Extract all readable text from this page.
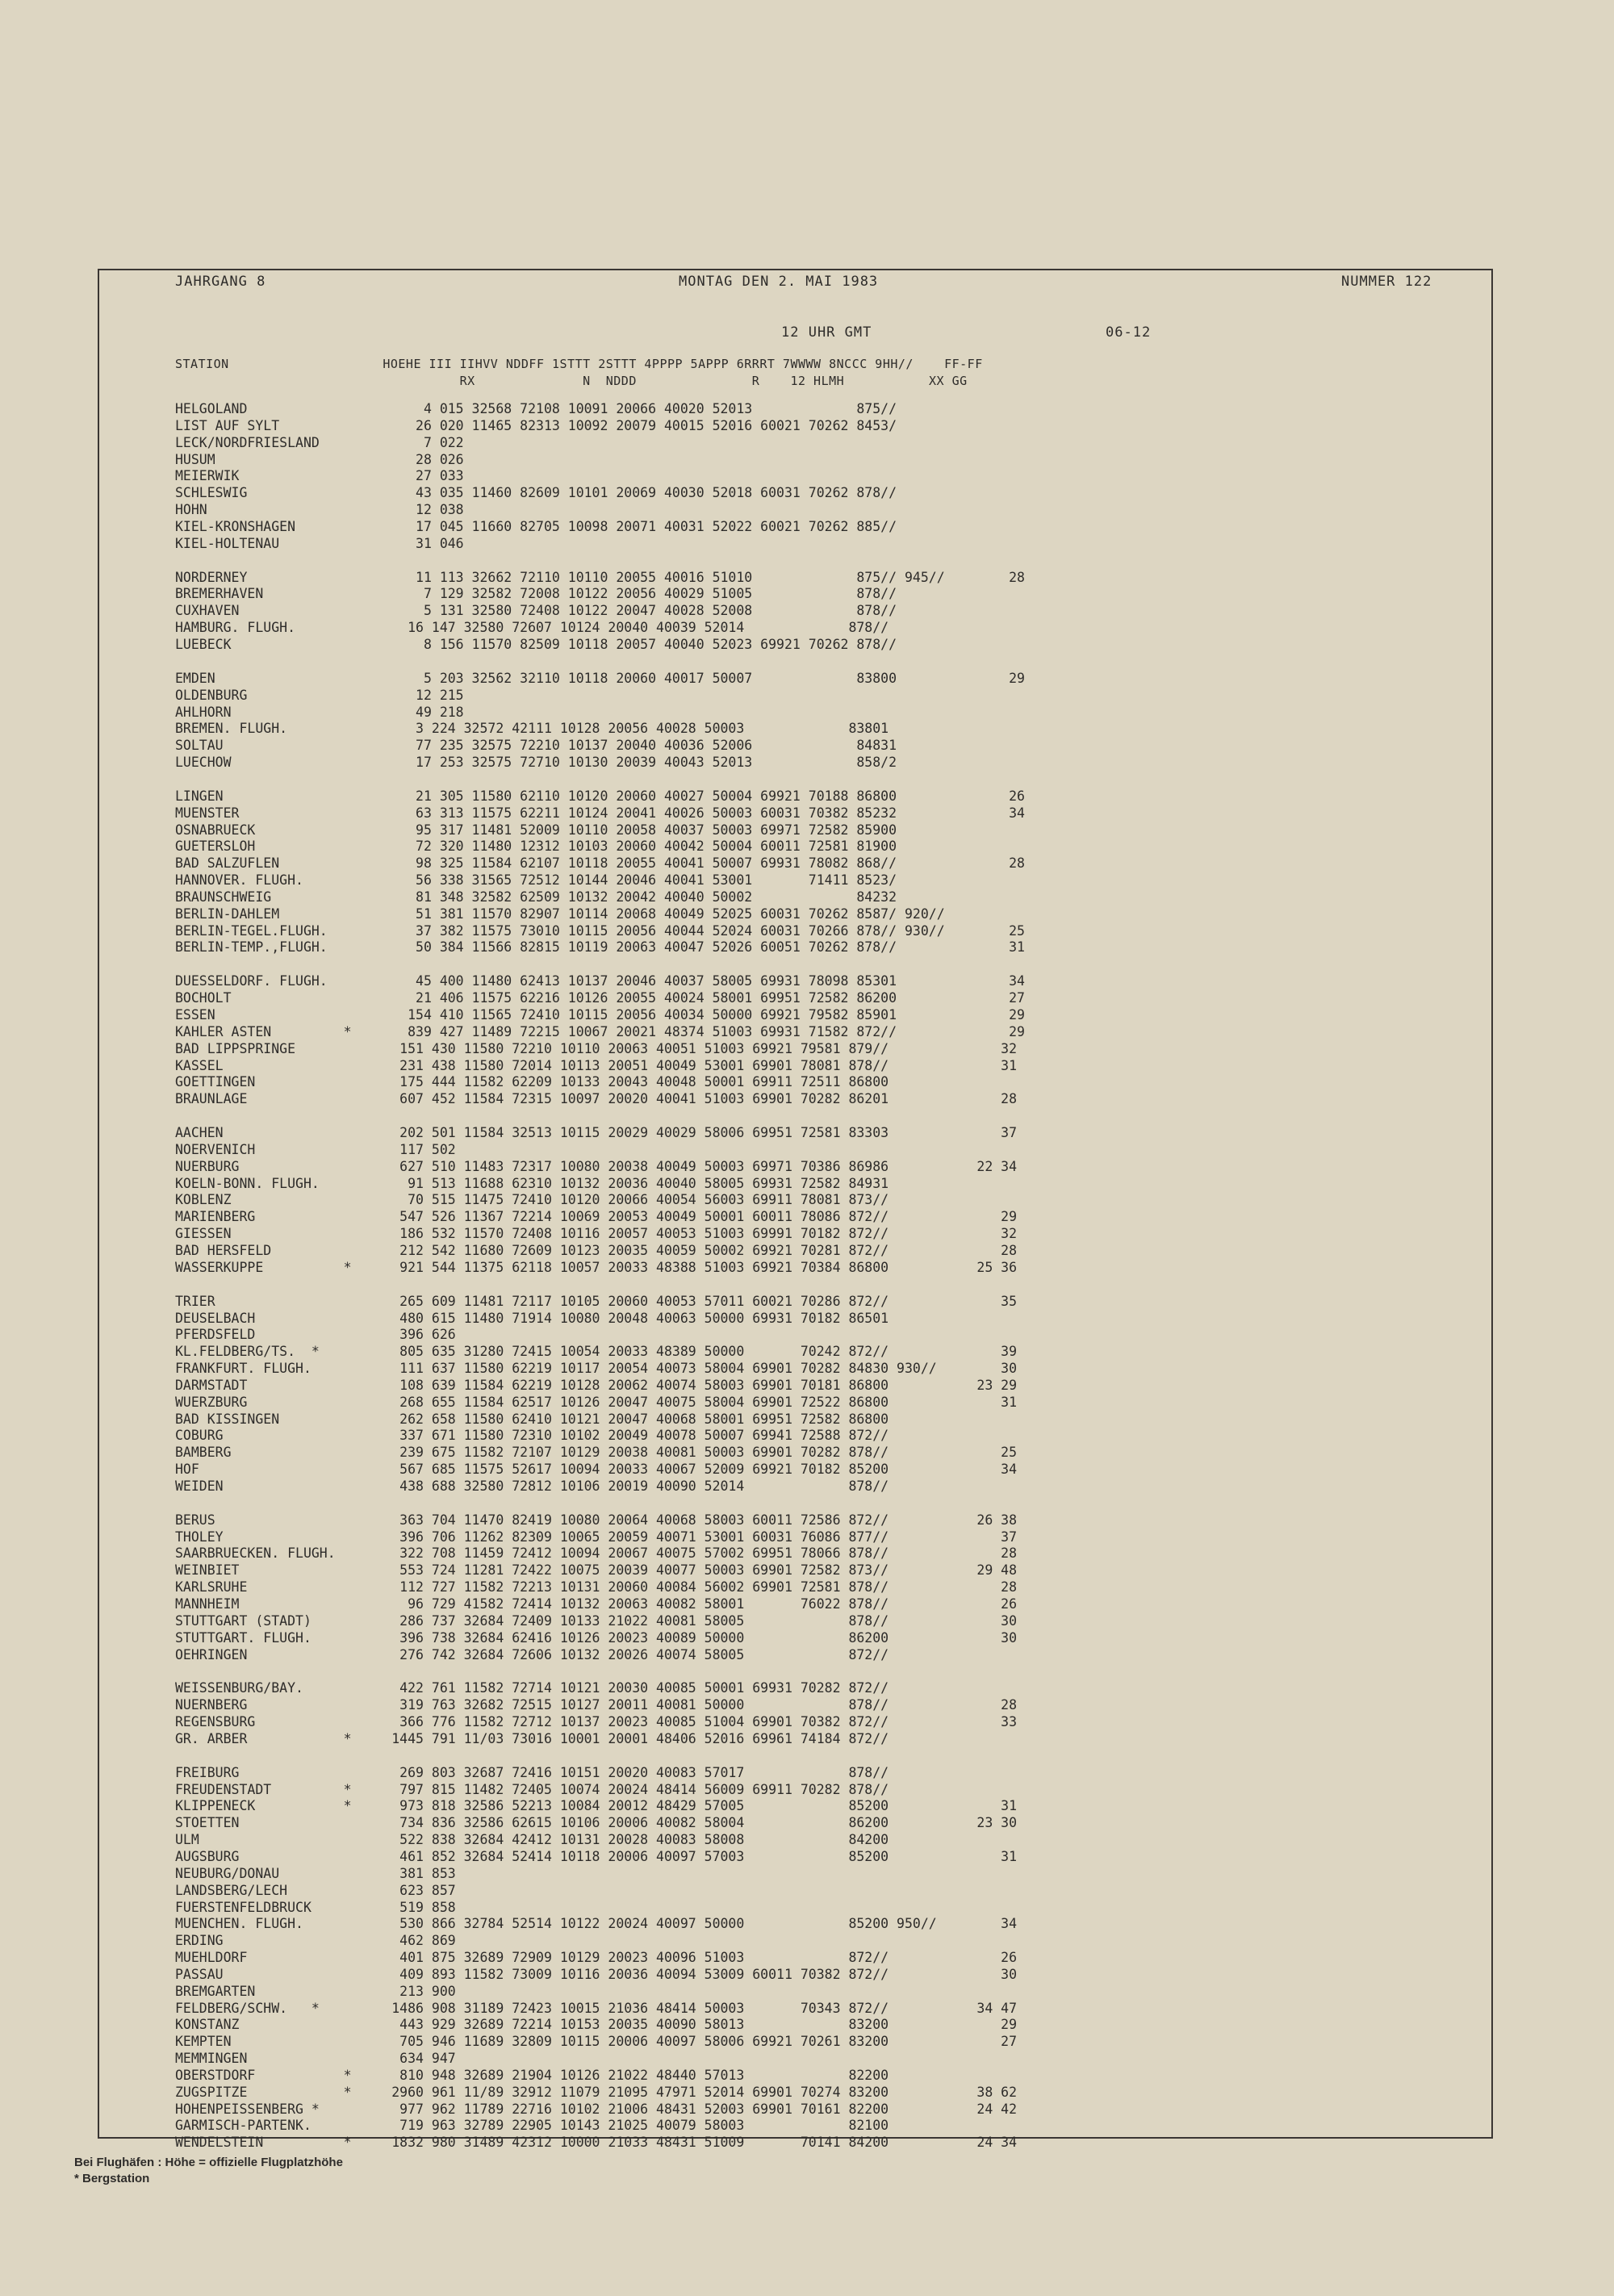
JAHRGANG 8	MONTAG DEN 2. MAI 1983	NUMMER 122
12 UHR GMT	06-12
STATION                    HOEHE III IIHVV NDDFF 1STTT 2STTT 4PPPP 5APPP 6RRRT 7WWWW 8NCCC 9HH//    FF-FF
RX              N  NDDD               R    12 HLMH           XX GG
HELGOLAND                      4 015 32568 72108 10091 20066 40020 52013             875//
LIST AUF SYLT                 26 020 11465 82313 10092 20079 40015 52016 60021 70262 8453/
LECK/NORDFRIESLAND             7 022
HUSUM                         28 026
MEIERWIK                      27 033
SCHLESWIG                     43 035 11460 82609 10101 20069 40030 52018 60031 70262 878//
HOHN                          12 038
KIEL-KRONSHAGEN               17 045 11660 82705 10098 20071 40031 52022 60021 70262 885//
KIEL-HOLTENAU                 31 046
NORDERNEY                     11 113 32662 72110 10110 20055 40016 51010             875// 945//        28
BREMERHAVEN                    7 129 32582 72008 10122 20056 40029 51005             878//
CUXHAVEN                       5 131 32580 72408 10122 20047 40028 52008             878//
HAMBURG. FLUGH.              16 147 32580 72607 10124 20040 40039 52014             878//
LUEBECK                        8 156 11570 82509 10118 20057 40040 52023 69921 70262 878//
EMDEN                          5 203 32562 32110 10118 20060 40017 50007             83800              29
OLDENBURG                     12 215
AHLHORN                       49 218
BREMEN. FLUGH.                3 224 32572 42111 10128 20056 40028 50003             83801
SOLTAU                        77 235 32575 72210 10137 20040 40036 52006             84831
LUECHOW                       17 253 32575 72710 10130 20039 40043 52013             858/2
LINGEN                        21 305 11580 62110 10120 20060 40027 50004 69921 70188 86800              26
MUENSTER                      63 313 11575 62211 10124 20041 40026 50003 60031 70382 85232              34
OSNABRUECK                    95 317 11481 52009 10110 20058 40037 50003 69971 72582 85900
GUETERSLOH                    72 320 11480 12312 10103 20060 40042 50004 60011 72581 81900
BAD SALZUFLEN                 98 325 11584 62107 10118 20055 40041 50007 69931 78082 868//              28
HANNOVER. FLUGH.              56 338 31565 72512 10144 20046 40041 53001       71411 8523/
BRAUNSCHWEIG                  81 348 32582 62509 10132 20042 40040 50002             84232
BERLIN-DAHLEM                 51 381 11570 82907 10114 20068 40049 52025 60031 70262 8587/ 920//
BERLIN-TEGEL.FLUGH.           37 382 11575 73010 10115 20056 40044 52024 60031 70266 878// 930//        25
BERLIN-TEMP.,FLUGH.           50 384 11566 82815 10119 20063 40047 52026 60051 70262 878//              31
DUESSELDORF. FLUGH.           45 400 11480 62413 10137 20046 40037 58005 69931 78098 85301              34
BOCHOLT                       21 406 11575 62216 10126 20055 40024 58001 69951 72582 86200              27
ESSEN                        154 410 11565 72410 10115 20056 40034 50000 69921 79582 85901              29
KAHLER ASTEN         *       839 427 11489 72215 10067 20021 48374 51003 69931 71582 872//              29
BAD LIPPSPRINGE             151 430 11580 72210 10110 20063 40051 51003 69921 79581 879//              32
KASSEL                      231 438 11580 72014 10113 20051 40049 53001 69901 78081 878//              31
GOETTINGEN                  175 444 11582 62209 10133 20043 40048 50001 69911 72511 86800
BRAUNLAGE                   607 452 11584 72315 10097 20020 40041 51003 69901 70282 86201              28
AACHEN                      202 501 11584 32513 10115 20029 40029 58006 69951 72581 83303              37
NOERVENICH                  117 502
NUERBURG                    627 510 11483 72317 10080 20038 40049 50003 69971 70386 86986           22 34
KOELN-BONN. FLUGH.           91 513 11688 62310 10132 20036 40040 58005 69931 72582 84931
KOBLENZ                      70 515 11475 72410 10120 20066 40054 56003 69911 78081 873//
MARIENBERG                  547 526 11367 72214 10069 20053 40049 50001 60011 78086 872//              29
GIESSEN                     186 532 11570 72408 10116 20057 40053 51003 69991 70182 872//              32
BAD HERSFELD                212 542 11680 72609 10123 20035 40059 50002 69921 70281 872//              28
WASSERKUPPE          *      921 544 11375 62118 10057 20033 48388 51003 69921 70384 86800           25 36
TRIER                       265 609 11481 72117 10105 20060 40053 57011 60021 70286 872//              35
DEUSELBACH                  480 615 11480 71914 10080 20048 40063 50000 69931 70182 86501
PFERDSFELD                  396 626
KL.FELDBERG/TS.  *          805 635 31280 72415 10054 20033 48389 50000       70242 872//              39
FRANKFURT. FLUGH.           111 637 11580 62219 10117 20054 40073 58004 69901 70282 84830 930//        30
DARMSTADT                   108 639 11584 62219 10128 20062 40074 58003 69901 70181 86800           23 29
WUERZBURG                   268 655 11584 62517 10126 20047 40075 58004 69901 72522 86800              31
BAD KISSINGEN               262 658 11580 62410 10121 20047 40068 58001 69951 72582 86800
COBURG                      337 671 11580 72310 10102 20049 40078 50007 69941 72588 872//
BAMBERG                     239 675 11582 72107 10129 20038 40081 50003 69901 70282 878//              25
HOF                         567 685 11575 52617 10094 20033 40067 52009 69921 70182 85200              34
WEIDEN                      438 688 32580 72812 10106 20019 40090 52014             878//
BERUS                       363 704 11470 82419 10080 20064 40068 58003 60011 72586 872//           26 38
THOLEY                      396 706 11262 82309 10065 20059 40071 53001 60031 76086 877//              37
SAARBRUECKEN. FLUGH.        322 708 11459 72412 10094 20067 40075 57002 69951 78066 878//              28
WEINBIET                    553 724 11281 72422 10075 20039 40077 50003 69901 72582 873//           29 48
KARLSRUHE                   112 727 11582 72213 10131 20060 40084 56002 69901 72581 878//              28
MANNHEIM                     96 729 41582 72414 10132 20063 40082 58001       76022 878//              26
STUTTGART (STADT)           286 737 32684 72409 10133 21022 40081 58005             878//              30
STUTTGART. FLUGH.           396 738 32684 62416 10126 20023 40089 50000             86200              30
OEHRINGEN                   276 742 32684 72606 10132 20026 40074 58005             872//
WEISSENBURG/BAY.            422 761 11582 72714 10121 20030 40085 50001 69931 70282 872//
NUERNBERG                   319 763 32682 72515 10127 20011 40081 50000             878//              28
REGENSBURG                  366 776 11582 72712 10137 20023 40085 51004 69901 70382 872//              33
GR. ARBER            *     1445 791 11/03 73016 10001 20001 48406 52016 69961 74184 872//
FREIBURG                    269 803 32687 72416 10151 20020 40083 57017             878//
FREUDENSTADT         *      797 815 11482 72405 10074 20024 48414 56009 69911 70282 878//
KLIPPENECK           *      973 818 32586 52213 10084 20012 48429 57005             85200              31
STOETTEN                    734 836 32586 62615 10106 20006 40082 58004             86200           23 30
ULM                         522 838 32684 42412 10131 20028 40083 58008             84200
AUGSBURG                    461 852 32684 52414 10118 20006 40097 57003             85200              31
NEUBURG/DONAU               381 853
LANDSBERG/LECH              623 857
FUERSTENFELDBRUCK           519 858
MUENCHEN. FLUGH.            530 866 32784 52514 10122 20024 40097 50000             85200 950//        34
ERDING                      462 869
MUEHLDORF                   401 875 32689 72909 10129 20023 40096 51003             872//              26
PASSAU                      409 893 11582 73009 10116 20036 40094 53009 60011 70382 872//              30
BREMGARTEN                  213 900
FELDBERG/SCHW.   *         1486 908 31189 72423 10015 21036 48414 50003       70343 872//           34 47
KONSTANZ                    443 929 32689 72214 10153 20035 40090 58013             83200              29
KEMPTEN                     705 946 11689 32809 10115 20006 40097 58006 69921 70261 83200              27
MEMMINGEN                   634 947
OBERSTDORF           *      810 948 32689 21904 10126 21022 48440 57013             82200
ZUGSPITZE            *     2960 961 11/89 32912 11079 21095 47971 52014 69901 70274 83200           38 62
HOHENPEISSENBERG *          977 962 11789 22716 10102 21006 48431 52003 69901 70161 82200           24 42
GARMISCH-PARTENK.           719 963 32789 22905 10143 21025 40079 58003             82100
WENDELSTEIN          *     1832 980 31489 42312 10000 21033 48431 51009       70141 84200           24 34
Bei Flughäfen : Höhe = offizielle Flugplatzhöhe
* Bergstation
